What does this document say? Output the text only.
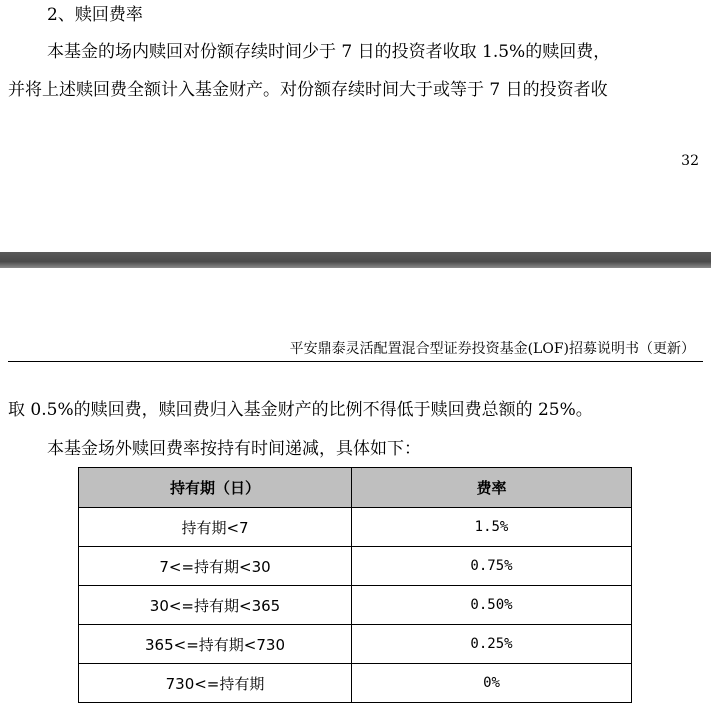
2、赎回费率
本基金的场内赎回对份额存续时间少于 7 日的投资者收取 1.5%的赎回费，
并将上述赎回费全额计入基金财产。对份额存续时间大于或等于 7 日的投资者收
32
平安鼎泰灵活配置混合型证券投资基金(LOF)招募说明书（更新）
取 0.5%的赎回费，赎回费归入基金财产的比例不得低于赎回费总额的 25%。
本基金场外赎回费率按持有时间递减，具体如下：
持有期（日）	费率
持有期<7	1.5%
7<=持有期<30	0.75%
30<=持有期<365	0.50%
365<=持有期<730	0.25%
730<=持有期	0%
